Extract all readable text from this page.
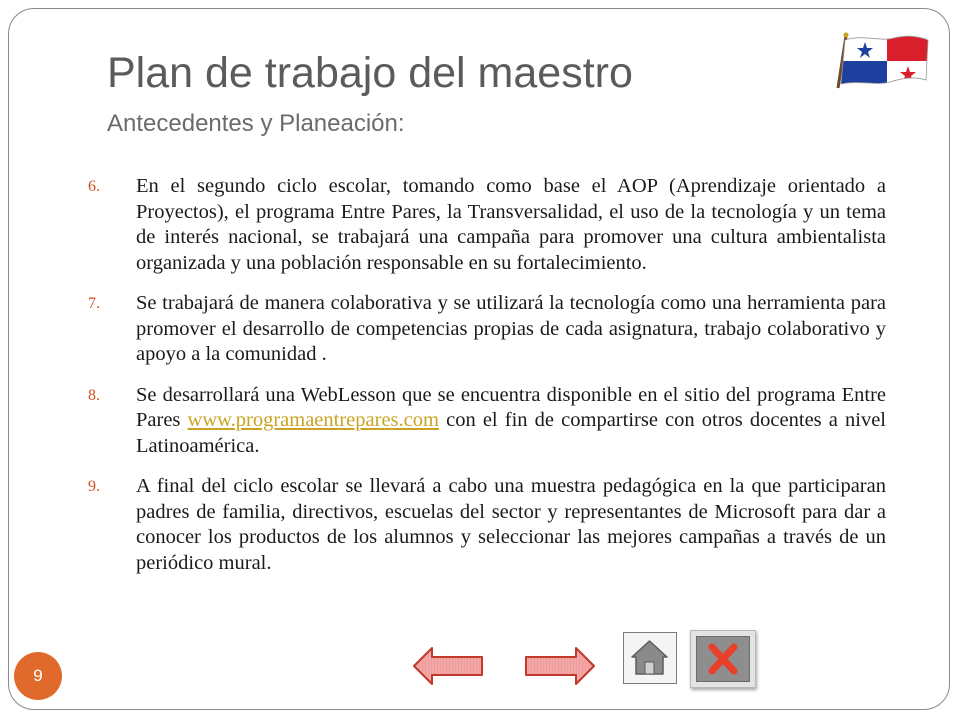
Plan de trabajo del maestro
Antecedentes y Planeación:
6.	En el segundo ciclo escolar, tomando como base el AOP (Aprendizaje orientado a Proyectos), el programa Entre Pares, la Transversalidad, el uso de la tecnología y un tema de interés nacional, se trabajará una campaña para promover una cultura ambientalista organizada y una población responsable en su fortalecimiento.
7.	Se trabajará de manera colaborativa y se utilizará la tecnología como una herramienta para promover el desarrollo de competencias propias de cada asignatura, trabajo colaborativo y apoyo a la comunidad .
8.	Se desarrollará una WebLesson que se encuentra disponible en el sitio del programa Entre Pares www.programaentrepares.com con el fin de compartirse con otros docentes a nivel Latinoamérica.
9.	A final del ciclo escolar se llevará a cabo una muestra pedagógica en la que participaran padres de familia, directivos, escuelas del sector y representantes de Microsoft para dar a conocer los productos de los alumnos y seleccionar las mejores campañas a través de un periódico mural.
9
